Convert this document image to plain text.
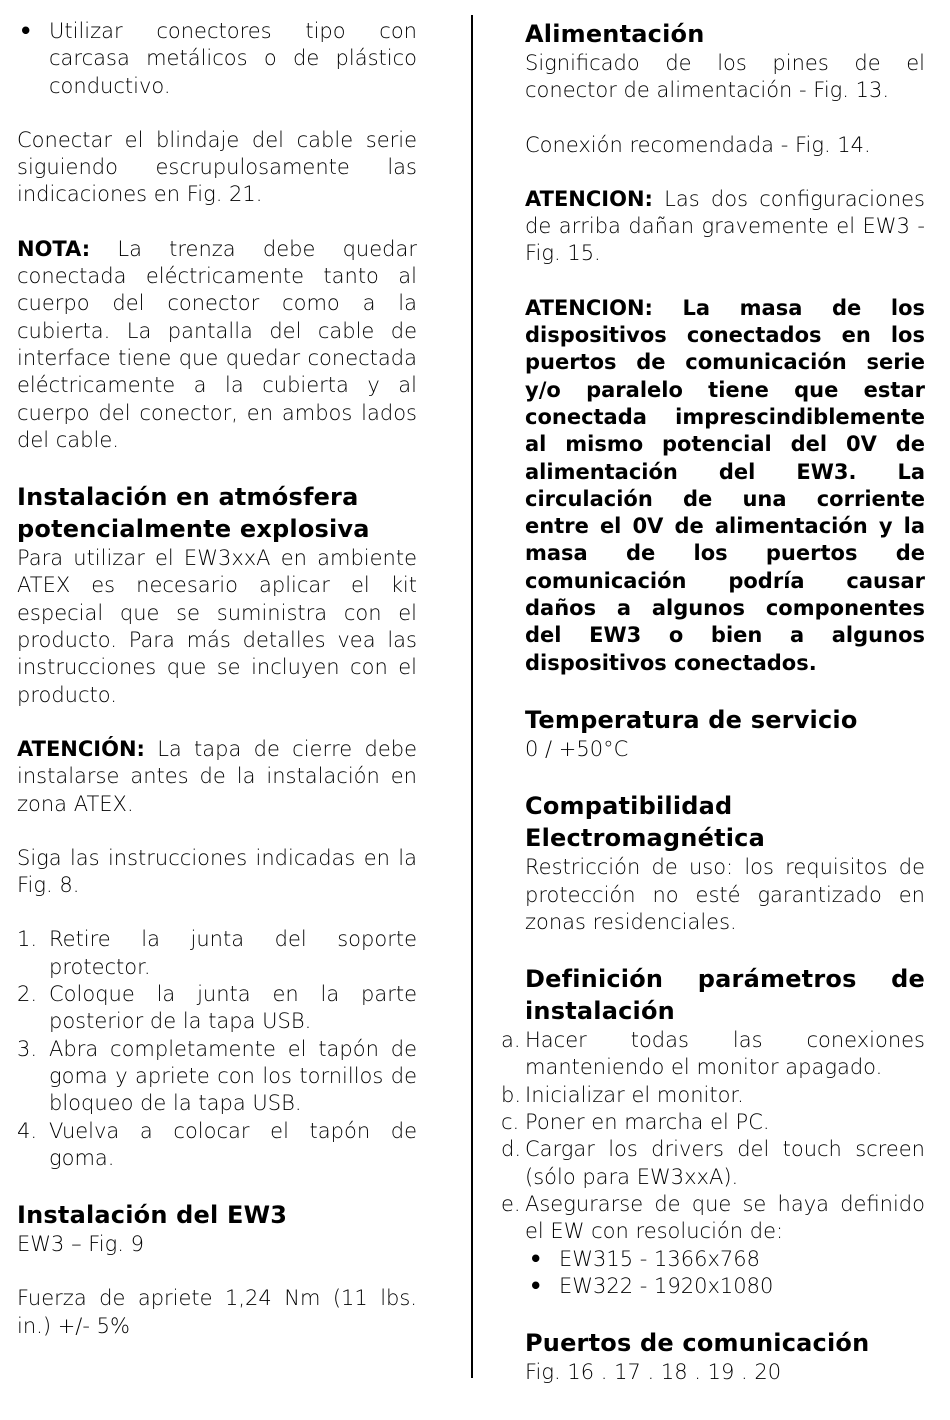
• Utilizar conectores tipo con carcasa metálicos o de plástico conductivo.

Conectar el blindaje del cable serie siguiendo escrupulosamente las indicaciones en Fig. 21.

NOTA: La trenza debe quedar conectada eléctricamente tanto al cuerpo del conector como a la cubierta. La pantalla del cable de interface tiene que quedar conectada eléctricamente a la cubierta y al cuerpo del conector, en ambos lados del cable.

Instalación en atmósfera potencialmente explosiva

Para utilizar el EW3xxA en ambiente ATEX es necesario aplicar el kit especial que se suministra con el producto. Para más detalles vea las instrucciones que se incluyen con el producto.

ATENCIÓN: La tapa de cierre debe instalarse antes de la instalación en zona ATEX.

Siga las instrucciones indicadas en la Fig. 8.

1. Retire la junta del soporte protector.
2. Coloque la junta en la parte posterior de la tapa USB.
3. Abra completamente el tapón de goma y apriete con los tornillos de bloqueo de la tapa USB.
4. Vuelva a colocar el tapón de goma.
Instalación del EW3

EW3 – Fig. 9

Fuerza de apriete 1,24 Nm (11 lbs. in.) +/- 5%

Alimentación

Significado de los pines de el conector de alimentación - Fig. 13.

Conexión recomendada - Fig. 14.

ATENCION: Las dos configuraciones de arriba dañan gravemente el EW3 - Fig. 15.

ATENCION: La masa de los dispositivos conectados en los puertos de comunicación serie y/o paralelo tiene que estar conectada imprescindiblemente al mismo potencial del 0V de alimentación del EW3. La circulación de una corriente entre el 0V de alimentación y la masa de los puertos de comunicación podría causar daños a algunos componentes del EW3 o bien a algunos dispositivos conectados.

Temperatura de servicio

0 / +50°C

Compatibilidad Electromagnética

Restricción de uso: los requisitos de protección no esté garantizado en zonas residenciales.

Definición parámetros de instalación
a. Hacer todas las conexiones manteniendo el monitor apagado.
b. Inicializar el monitor.
c. Poner en marcha el PC.
d. Cargar los drivers del touch screen (sólo para EW3xxA).
e. Asegurarse de que se haya definido el EW con resolución de:
• EW315 - 1366x768
• EW322 - 1920x1080
Puertos de comunicación

Fig. 16 . 17 . 18 . 19 . 20
